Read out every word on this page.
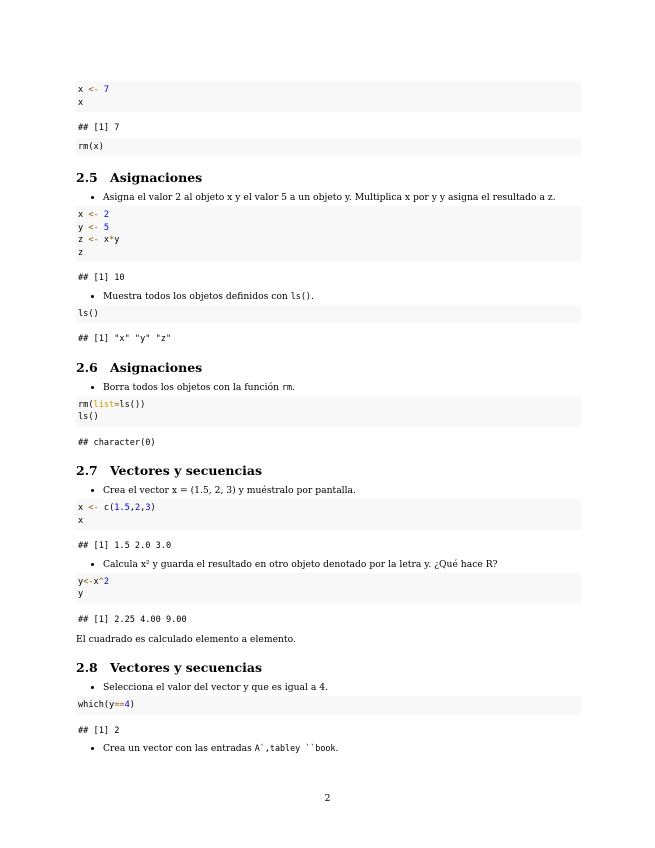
x <- 7
x
## [1] 7
rm(x)
2.5 Asignaciones
• Asigna el valor 2 al objeto x y el valor 5 a un objeto y. Multiplica x por y y asigna el resultado a z.
x <- 2
y <- 5
z <- x*y
z
## [1] 10
• Muestra todos los objetos definidos con ls().
ls()
## [1] "x" "y" "z"
2.6 Asignaciones
• Borra todos los objetos con la función rm.
rm(list=ls())
ls()
## character(0)
2.7 Vectores y secuencias
• Crea el vector x = (1.5, 2, 3) y muéstralo por pantalla.
x <- c(1.5,2,3)
x
## [1] 1.5 2.0 3.0
• Calcula x² y guarda el resultado en otro objeto denotado por la letra y. ¿Qué hace R?
y<-x^2
y
## [1] 2.25 4.00 9.00

El cuadrado es calculado elemento a elemento.

2.8 Vectores y secuencias
• Selecciona el valor del vector y que es igual a 4.
which(y==4)
## [1] 2
• Crea un vector con las entradas A`,tabley ``book.
2
